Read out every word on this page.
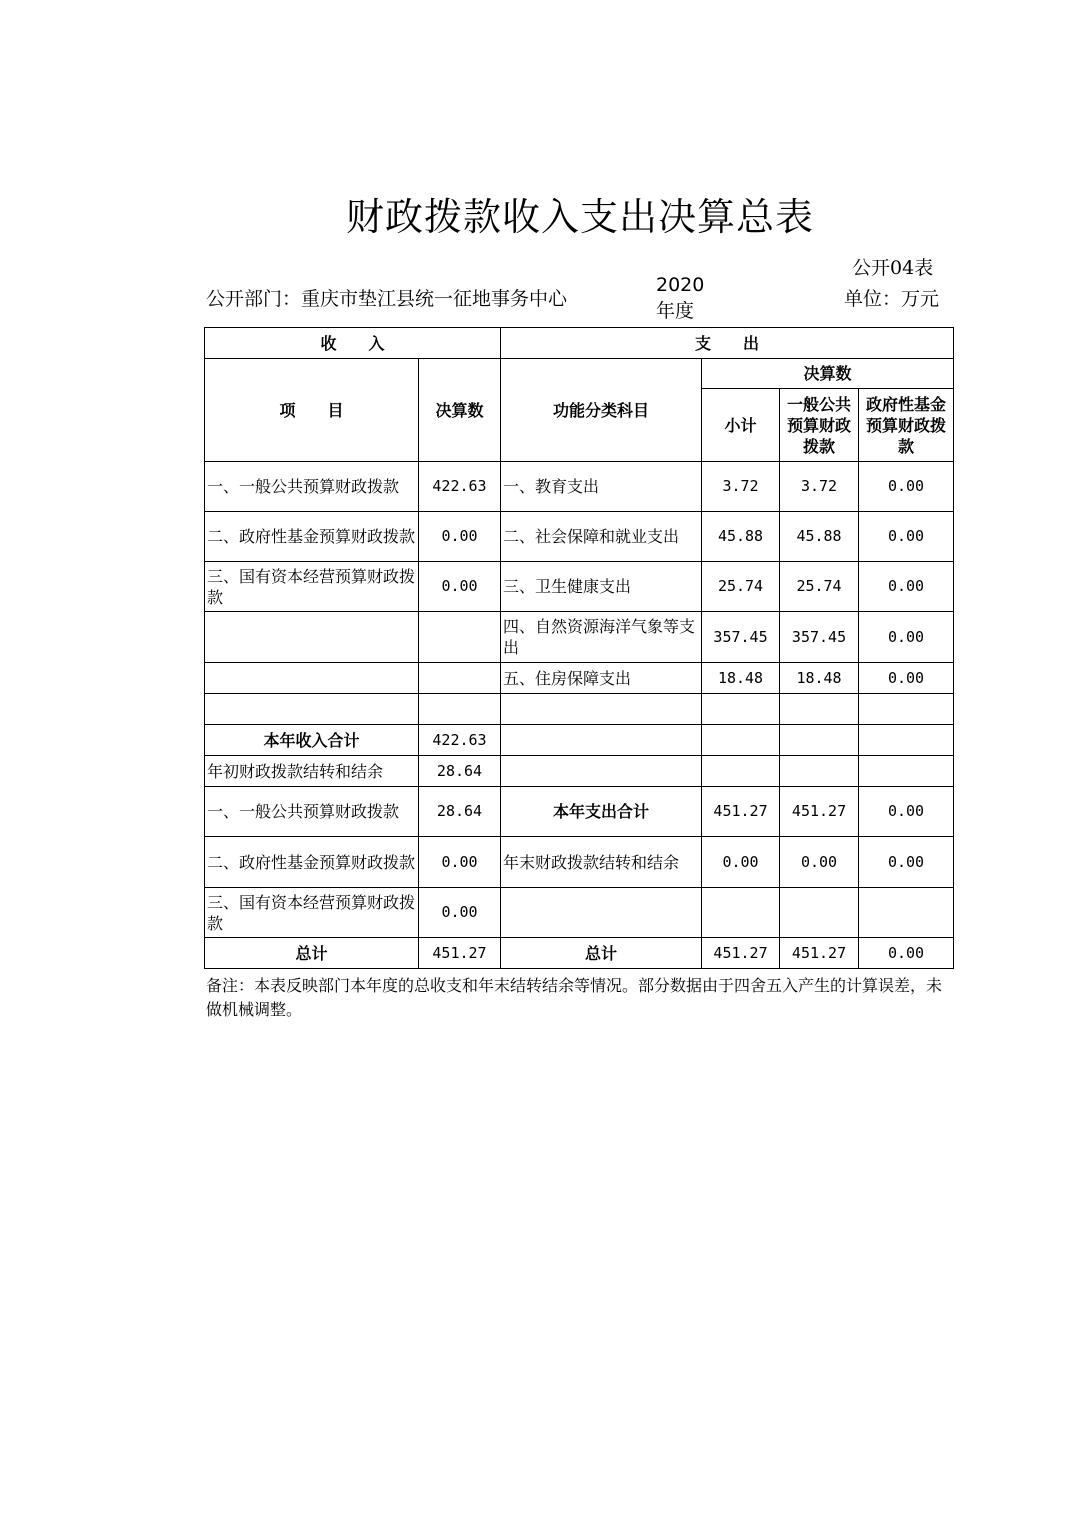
财政拨款收入支出决算总表
公开04表
公开部门：重庆市垫江县统一征地事务中心
2020年度
单位：万元
收　　入		支　　出			
项　　目	决算数	功能分类科目	决算数		
			小计	一般公共预算财政拨款	政府性基金预算财政拨款
一、一般公共预算财政拨款	422.63	一、教育支出	3.72	3.72	0.00
二、政府性基金预算财政拨款	0.00	二、社会保障和就业支出	45.88	45.88	0.00
三、国有资本经营预算财政拨款	0.00	三、卫生健康支出	25.74	25.74	0.00
		四、自然资源海洋气象等支出	357.45	357.45	0.00
		五、住房保障支出	18.48	18.48	0.00

本年收入合计	422.63				
年初财政拨款结转和结余	28.64				
一、一般公共预算财政拨款	28.64	本年支出合计	451.27	451.27	0.00
二、政府性基金预算财政拨款	0.00	年末财政拨款结转和结余	0.00	0.00	0.00
三、国有资本经营预算财政拨款	0.00				
总计	451.27	总计	451.27	451.27	0.00
备注：本表反映部门本年度的总收支和年末结转结余等情况。部分数据由于四舍五入产生的计算误差，未做机械调整。
